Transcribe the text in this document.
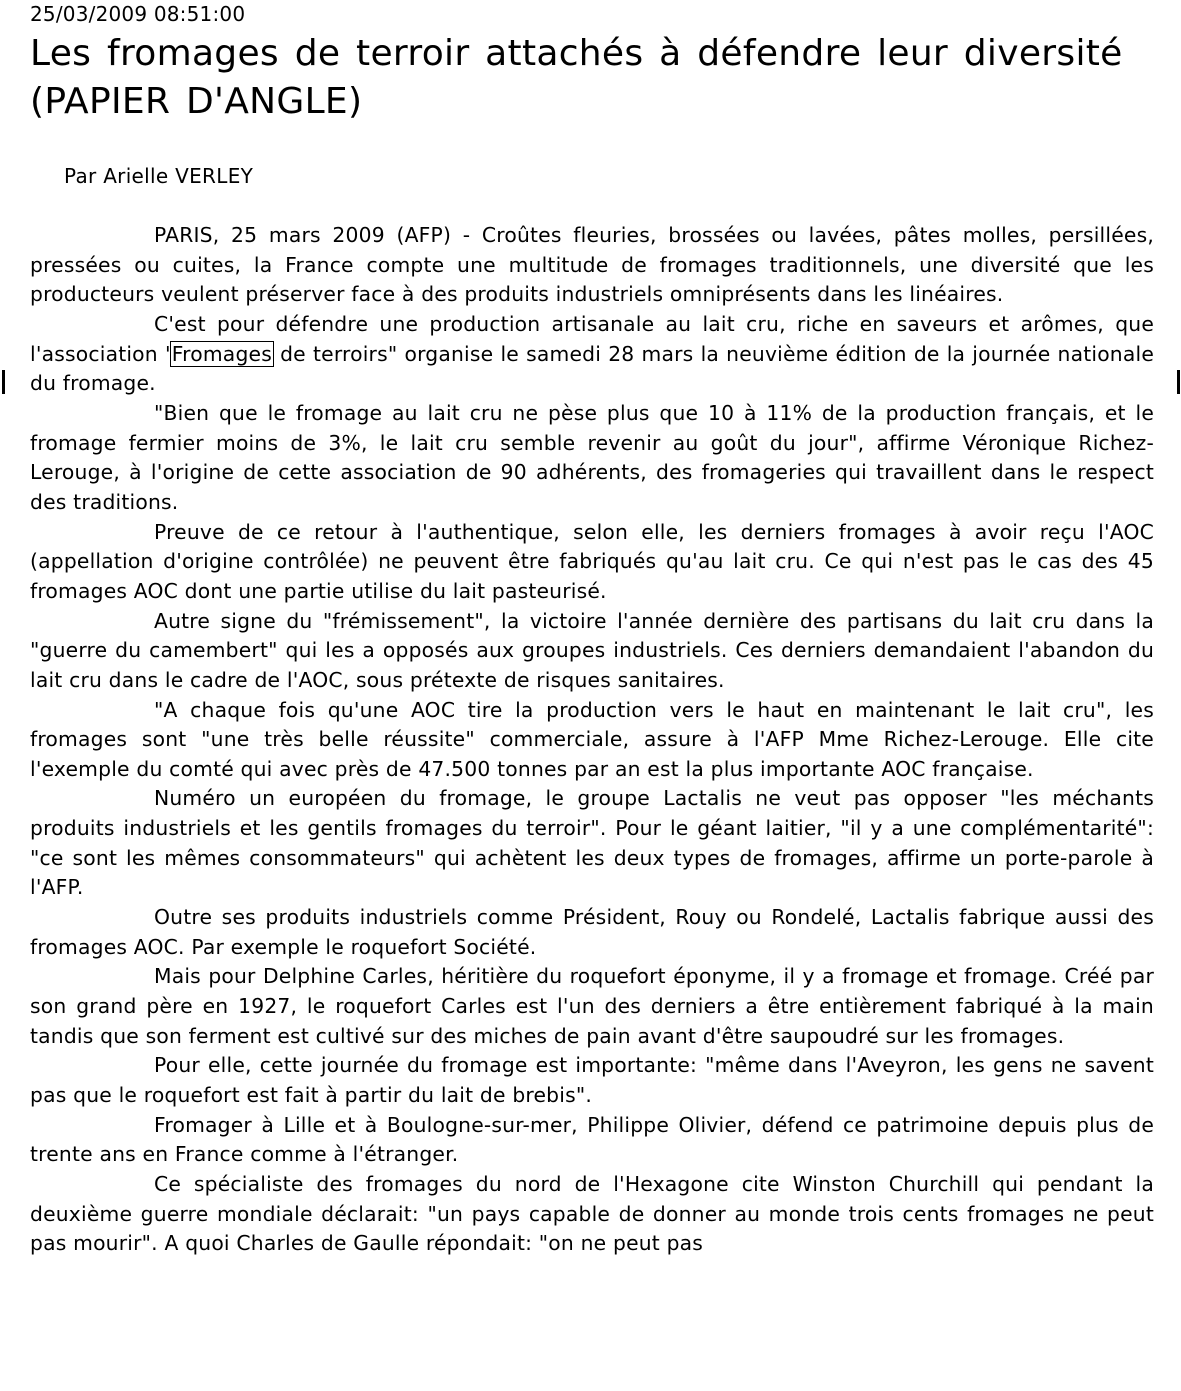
25/03/2009 08:51:00
Les fromages de terroir attachés à défendre leur diversité (PAPIER D'ANGLE)
Par Arielle VERLEY

PARIS, 25 mars 2009 (AFP) - Croûtes fleuries, brossées ou lavées, pâtes molles, persillées, pressées ou cuites, la France compte une multitude de fromages traditionnels, une diversité que les producteurs veulent préserver face à des produits industriels omniprésents dans les linéaires.

C'est pour défendre une production artisanale au lait cru, riche en saveurs et arômes, que l'association 'Fromages de terroirs" organise le samedi 28 mars la neuvième édition de la journée nationale du fromage.

"Bien que le fromage au lait cru ne pèse plus que 10 à 11% de la production français, et le fromage fermier moins de 3%, le lait cru semble revenir au goût du jour", affirme Véronique Richez-Lerouge, à l'origine de cette association de 90 adhérents, des fromageries qui travaillent dans le respect des traditions.

Preuve de ce retour à l'authentique, selon elle, les derniers fromages à avoir reçu l'AOC (appellation d'origine contrôlée) ne peuvent être fabriqués qu'au lait cru. Ce qui n'est pas le cas des 45 fromages AOC dont une partie utilise du lait pasteurisé.

Autre signe du "frémissement", la victoire l'année dernière des partisans du lait cru dans la "guerre du camembert" qui les a opposés aux groupes industriels. Ces derniers demandaient l'abandon du lait cru dans le cadre de l'AOC, sous prétexte de risques sanitaires.

"A chaque fois qu'une AOC tire la production vers le haut en maintenant le lait cru", les fromages sont "une très belle réussite" commerciale, assure à l'AFP Mme Richez-Lerouge. Elle cite l'exemple du comté qui avec près de 47.500 tonnes par an est la plus importante AOC française.

Numéro un européen du fromage, le groupe Lactalis ne veut pas opposer "les méchants produits industriels et les gentils fromages du terroir". Pour le géant laitier, "il y a une complémentarité": "ce sont les mêmes consommateurs" qui achètent les deux types de fromages, affirme un porte-parole à l'AFP.

Outre ses produits industriels comme Président, Rouy ou Rondelé, Lactalis fabrique aussi des fromages AOC. Par exemple le roquefort Société.

Mais pour Delphine Carles, héritière du roquefort éponyme, il y a fromage et fromage. Créé par son grand père en 1927, le roquefort Carles est l'un des derniers a être entièrement fabriqué à la main tandis que son ferment est cultivé sur des miches de pain avant d'être saupoudré sur les fromages.

Pour elle, cette journée du fromage est importante: "même dans l'Aveyron, les gens ne savent pas que le roquefort est fait à partir du lait de brebis".

Fromager à Lille et à Boulogne-sur-mer, Philippe Olivier, défend ce patrimoine depuis plus de trente ans en France comme à l'étranger.

Ce spécialiste des fromages du nord de l'Hexagone cite Winston Churchill qui pendant la deuxième guerre mondiale déclarait: "un pays capable de donner au monde trois cents fromages ne peut pas mourir". A quoi Charles de Gaulle répondait: "on ne peut pas
